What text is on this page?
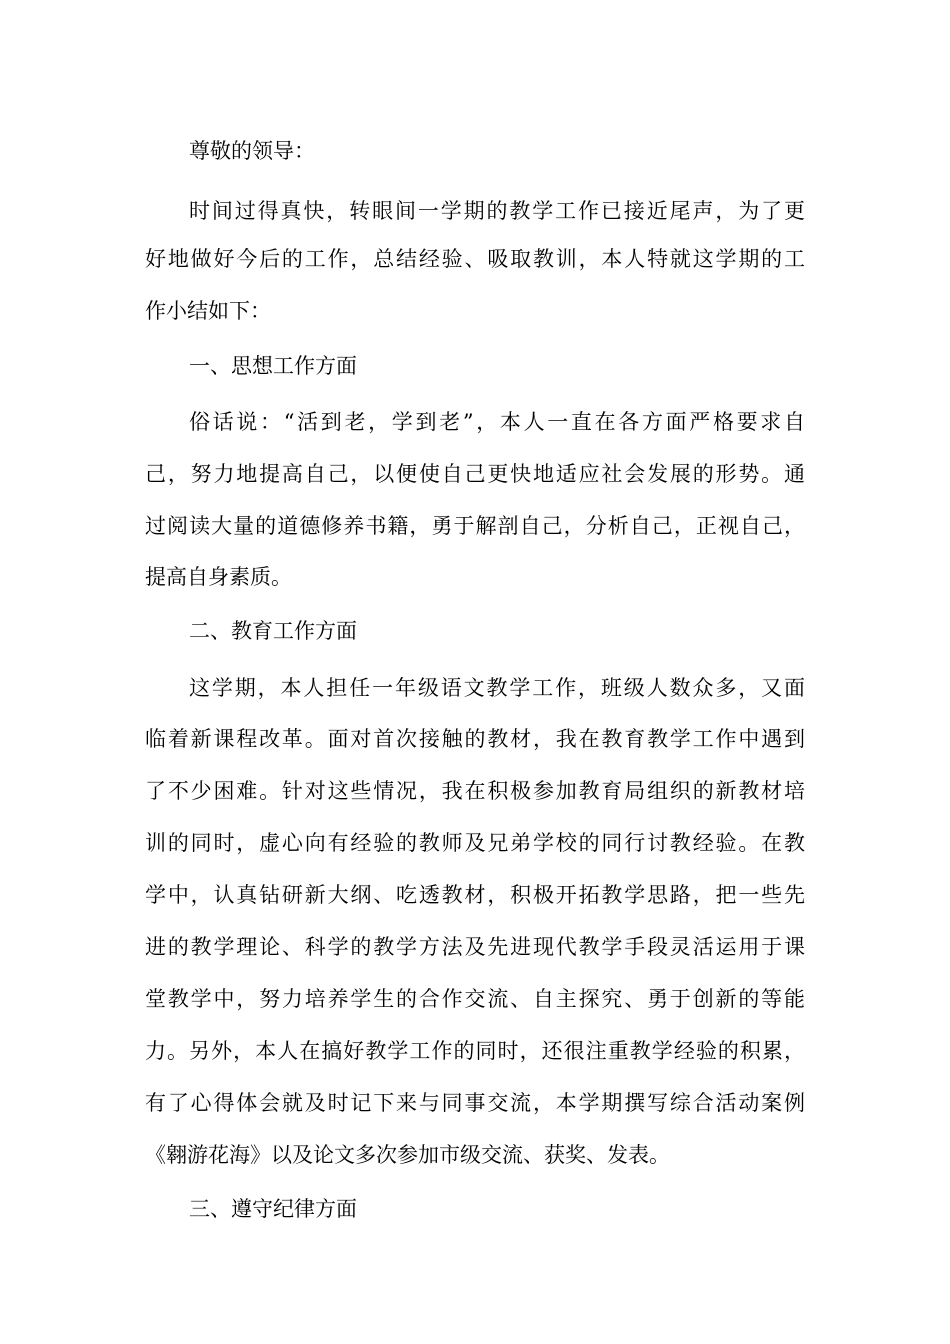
尊敬的领导：

时间过得真快，转眼间一学期的教学工作已接近尾声，为了更

好地做好今后的工作，总结经验、吸取教训，本人特就这学期的工

作小结如下：

一、思想工作方面

俗话说：“活到老，学到老”，本人一直在各方面严格要求自

己，努力地提高自己，以便使自己更快地适应社会发展的形势。通

过阅读大量的道德修养书籍，勇于解剖自己，分析自己，正视自己，

提高自身素质。

二、教育工作方面

这学期，本人担任一年级语文教学工作，班级人数众多，又面

临着新课程改革。面对首次接触的教材，我在教育教学工作中遇到

了不少困难。针对这些情况，我在积极参加教育局组织的新教材培

训的同时，虚心向有经验的教师及兄弟学校的同行讨教经验。在教

学中，认真钻研新大纲、吃透教材，积极开拓教学思路，把一些先

进的教学理论、科学的教学方法及先进现代教学手段灵活运用于课

堂教学中，努力培养学生的合作交流、自主探究、勇于创新的等能

力。另外，本人在搞好教学工作的同时，还很注重教学经验的积累，

有了心得体会就及时记下来与同事交流，本学期撰写综合活动案例

《翱游花海》以及论文多次参加市级交流、获奖、发表。

三、遵守纪律方面
